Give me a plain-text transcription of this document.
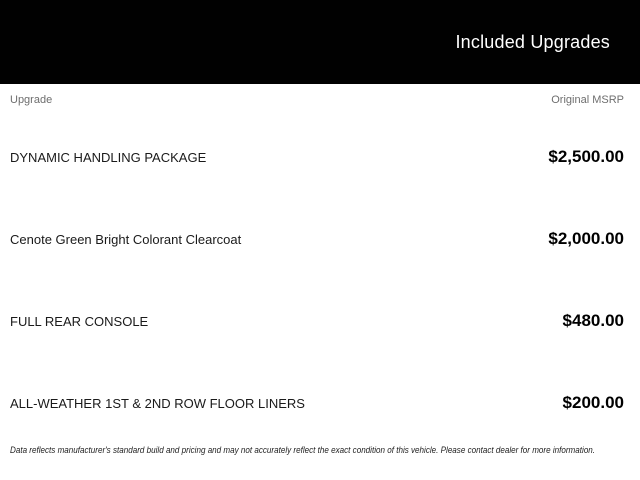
Included Upgrades
Upgrade	Original MSRP
DYNAMIC HANDLING PACKAGE	$2,500.00
Cenote Green Bright Colorant Clearcoat	$2,000.00
FULL REAR CONSOLE	$480.00
ALL-WEATHER 1ST & 2ND ROW FLOOR LINERS	$200.00
Data reflects manufacturer's standard build and pricing and may not accurately reflect the exact condition of this vehicle. Please contact dealer for more information.
